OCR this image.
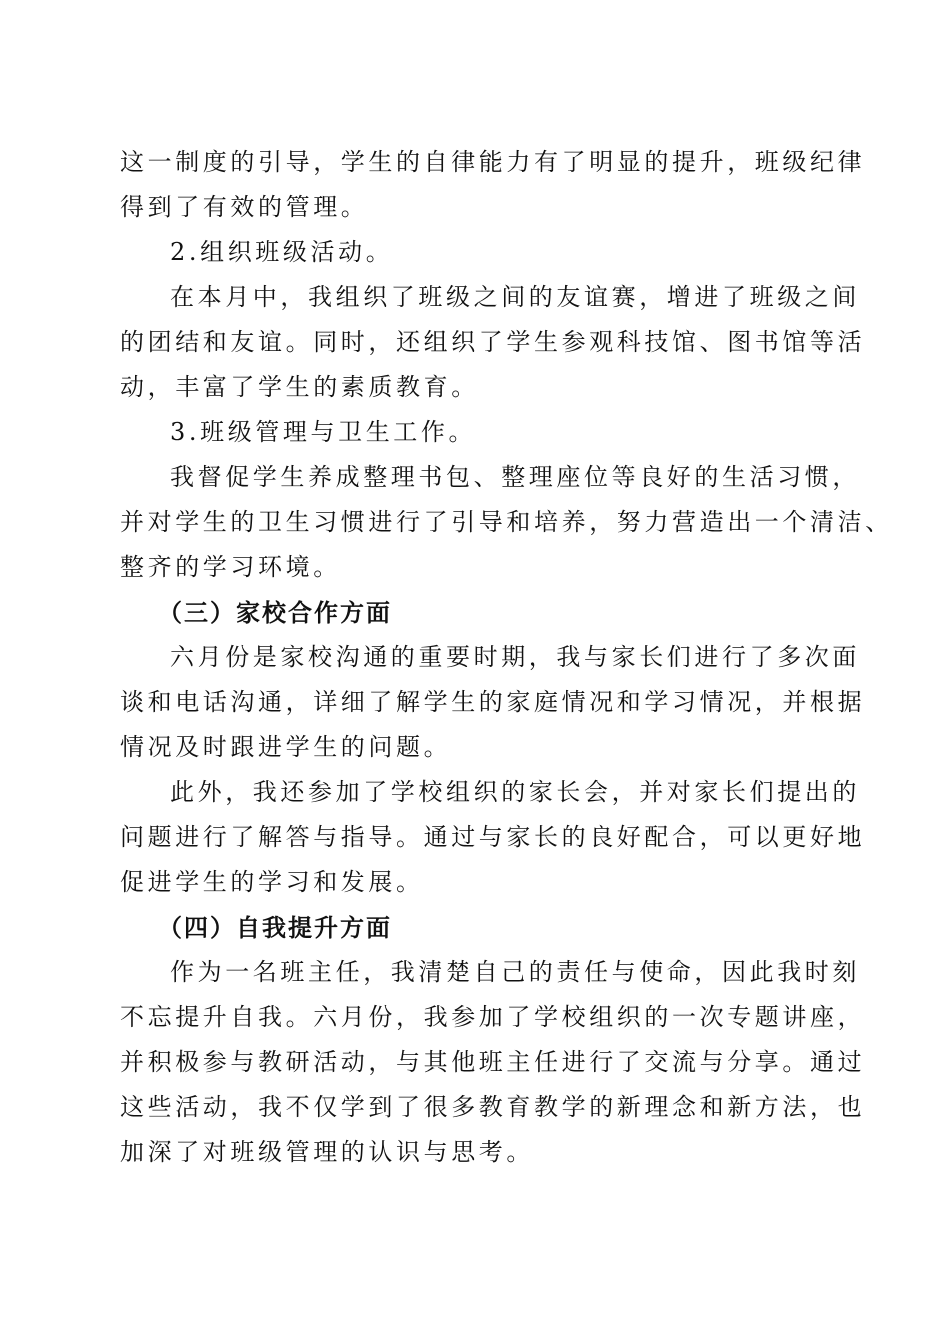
这一制度的引导，学生的自律能力有了明显的提升，班级纪律
得到了有效的管理。
2.组织班级活动。
在本月中，我组织了班级之间的友谊赛，增进了班级之间
的团结和友谊。同时，还组织了学生参观科技馆、图书馆等活
动，丰富了学生的素质教育。
3.班级管理与卫生工作。
我督促学生养成整理书包、整理座位等良好的生活习惯，
并对学生的卫生习惯进行了引导和培养，努力营造出一个清洁、
整齐的学习环境。
（三）家校合作方面
六月份是家校沟通的重要时期，我与家长们进行了多次面
谈和电话沟通，详细了解学生的家庭情况和学习情况，并根据
情况及时跟进学生的问题。
此外，我还参加了学校组织的家长会，并对家长们提出的
问题进行了解答与指导。通过与家长的良好配合，可以更好地
促进学生的学习和发展。
（四）自我提升方面
作为一名班主任，我清楚自己的责任与使命，因此我时刻
不忘提升自我。六月份，我参加了学校组织的一次专题讲座，
并积极参与教研活动，与其他班主任进行了交流与分享。通过
这些活动，我不仅学到了很多教育教学的新理念和新方法，也
加深了对班级管理的认识与思考。
